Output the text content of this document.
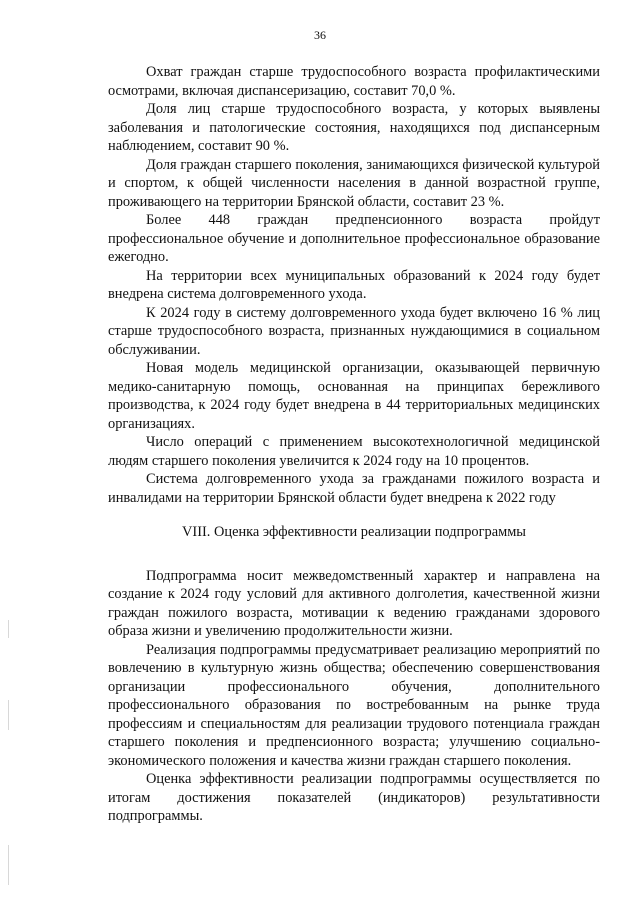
36

Охват граждан старше трудоспособного возраста профилактическими осмотрами, включая диспансеризацию, составит 70,0 %.

Доля лиц старше трудоспособного возраста, у которых выявлены заболевания и патологические состояния, находящихся под диспансерным наблюдением, составит 90 %.

Доля граждан старшего поколения, занимающихся физической культурой и спортом, к общей численности населения в данной возрастной группе, проживающего на территории Брянской области, составит 23 %.

Более 448 граждан предпенсионного возраста пройдут профессиональное обучение и дополнительное профессиональное образование ежегодно.

На территории всех муниципальных образований к 2024 году будет внедрена система долговременного ухода.

К 2024 году в систему долговременного ухода будет включено 16 % лиц старше трудоспособного возраста, признанных нуждающимися в социальном обслуживании.

Новая модель медицинской организации, оказывающей первичную медико-санитарную помощь, основанная на принципах бережливого производства, к 2024 году будет внедрена в 44 территориальных медицинских организациях.

Число операций с применением высокотехнологичной медицинской людям старшего поколения увеличится к 2024 году на 10 процентов.

Система долговременного ухода за гражданами пожилого возраста и инвалидами на территории Брянской области будет внедрена к 2022 году

VIII. Оценка эффективности реализации подпрограммы

Подпрограмма носит межведомственный характер и направлена на создание к 2024 году условий для активного долголетия, качественной жизни граждан пожилого возраста, мотивации к ведению гражданами здорового образа жизни и увеличению продолжительности жизни.

Реализация подпрограммы предусматривает реализацию мероприятий по вовлечению в культурную жизнь общества; обеспечению совершенствования организации профессионального обучения, дополнительного профессионального образования по востребованным на рынке труда профессиям и специальностям для реализации трудового потенциала граждан старшего поколения и предпенсионного возраста; улучшению социально-экономического положения и качества жизни граждан старшего поколения.

Оценка эффективности реализации подпрограммы осуществляется по итогам достижения показателей (индикаторов) результативности подпрограммы.
